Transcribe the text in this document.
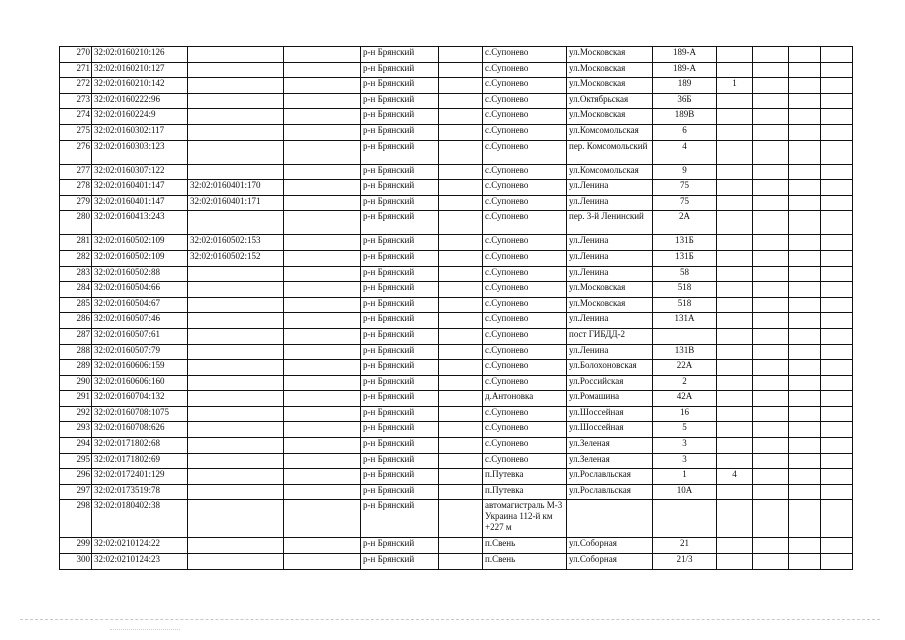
270	32:02:0160210:126			р-н Брянский		с.Супонево	ул.Московская	189-А				
271	32:02:0160210:127			р-н Брянский		с.Супонево	ул.Московская	189-А				
272	32:02:0160210:142			р-н Брянский		с.Супонево	ул.Московская	189	1			
273	32:02:0160222:96			р-н Брянский		с.Супонево	ул.Октябрьская	36Б				
274	32:02:0160224:9			р-н Брянский		с.Супонево	ул.Московская	189В				
275	32:02:0160302:117			р-н Брянский		с.Супонево	ул.Комсомольская	6				
276	32:02:0160303:123			р-н Брянский		с.Супонево	пер. Комсомольский	4				
277	32:02:0160307:122			р-н Брянский		с.Супонево	ул.Комсомольская	9				
278	32:02:0160401:147	32:02:0160401:170		р-н Брянский		с.Супонево	ул.Ленина	75				
279	32:02:0160401:147	32:02:0160401:171		р-н Брянский		с.Супонево	ул.Ленина	75				
280	32:02:0160413:243			р-н Брянский		с.Супонево	пер. 3-й Ленинский	2А				
281	32:02:0160502:109	32:02:0160502:153		р-н Брянский		с.Супонево	ул.Ленина	131Б				
282	32:02:0160502:109	32:02:0160502:152		р-н Брянский		с.Супонево	ул.Ленина	131Б				
283	32:02:0160502:88			р-н Брянский		с.Супонево	ул.Ленина	58				
284	32:02:0160504:66			р-н Брянский		с.Супонево	ул.Московская	518				
285	32:02:0160504:67			р-н Брянский		с.Супонево	ул.Московская	518				
286	32:02:0160507:46			р-н Брянский		с.Супонево	ул.Ленина	131А				
287	32:02:0160507:61			р-н Брянский		с.Супонево	пост ГИБДД-2					
288	32:02:0160507:79			р-н Брянский		с.Супонево	ул.Ленина	131В				
289	32:02:0160606:159			р-н Брянский		с.Супонево	ул.Болохоновская	22А				
290	32:02:0160606:160			р-н Брянский		с.Супонево	ул.Российская	2				
291	32:02:0160704:132			р-н Брянский		д.Антоновка	ул.Ромашина	42А				
292	32:02:0160708:1075			р-н Брянский		с.Супонево	ул.Шоссейная	16				
293	32:02:0160708:626			р-н Брянский		с.Супонево	ул.Шоссейная	5				
294	32:02:0171802:68			р-н Брянский		с.Супонево	ул.Зеленая	3				
295	32:02:0171802:69			р-н Брянский		с.Супонево	ул.Зеленая	3				
296	32:02:0172401:129			р-н Брянский		п.Путевка	ул.Рославльская	1	4			
297	32:02:0173519:78			р-н Брянский		п.Путевка	ул.Рославльская	10А				
298	32:02:0180402:38			р-н Брянский		автомагистраль М-3 Украина 112-й км +227 м						
299	32:02:0210124:22			р-н Брянский		п.Свень	ул.Соборная	21				
300	32:02:0210124:23			р-н Брянский		п.Свень	ул.Соборная	21/3				
